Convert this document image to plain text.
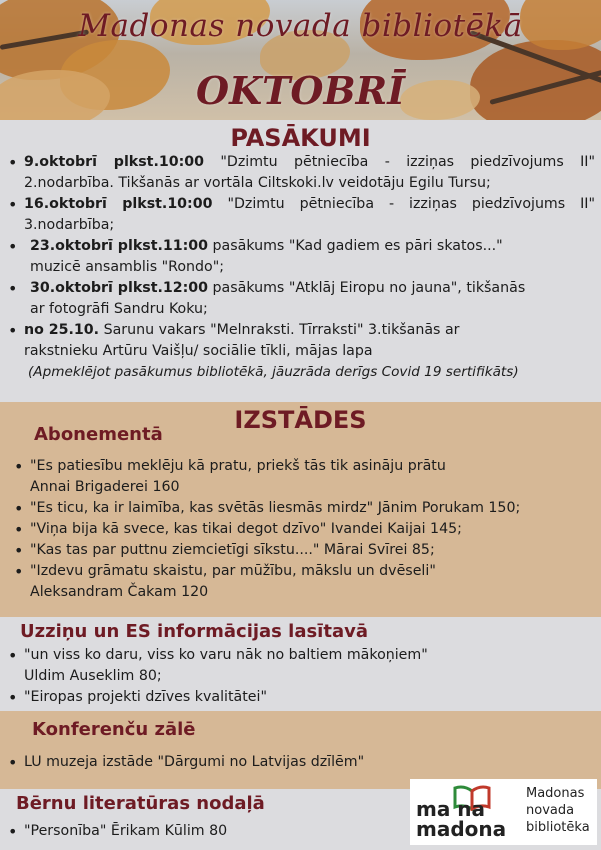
Madonas novada bibliotēkā
OKTOBRĪ
PASĀKUMI
• 9.oktobrī plkst.10:00 "Dzimtu pētniecība - izziņas piedzīvojums II"
2.nodarbība. Tikšanās ar vortāla Ciltskoki.lv veidotāju Egilu Tursu;
• 16.oktobrī plkst.10:00 "Dzimtu pētniecība - izziņas piedzīvojums II"
3.nodarbība;
• 23.oktobrī plkst.11:00 pasākums "Kad gadiem es pāri skatos..."
muzicē ansamblis "Rondo";
• 30.oktobrī plkst.12:00 pasākums "Atklāj Eiropu no jauna", tikšanās
ar fotogrāfi Sandru Koku;
• no 25.10. Sarunu vakars "Melnraksti. Tīrraksti" 3.tikšanās ar
rakstnieku Artūru Vaišļu/ sociālie tīkli, mājas lapa
(Apmeklējot pasākumus bibliotēkā, jāuzrāda derīgs Covid 19 sertifikāts)
IZSTĀDES
Abonementā
• "Es patiesību meklēju kā pratu, priekš tās tik asināju prātu
Annai Brigaderei 160
• "Es ticu, ka ir laimība, kas svētās liesmās mirdz" Jānim Porukam 150;
• "Viņa bija kā svece, kas tikai degot dzīvo" Ivandei Kaijai 145;
• "Kas tas par puttnu ziemcietīgi sīkstu...." Mārai Svīrei 85;
• "Izdevu grāmatu skaistu, par mūžību, mākslu un dvēseli"
Aleksandram Čakam 120
Uzziņu un ES informācijas lasītavā
• "un viss ko daru, viss ko varu nāk no baltiem mākoņiem"
Uldim Auseklim 80;
• "Eiropas projekti dzīves kvalitātei"
Konferenču zālē
• LU muzeja izstāde "Dārgumi no Latvijas dzīlēm"
Bērnu literatūras nodaļā
• "Personība" Ērikam Kūlim 80
ma na
madona
Madonas
novada
bibliotēka
